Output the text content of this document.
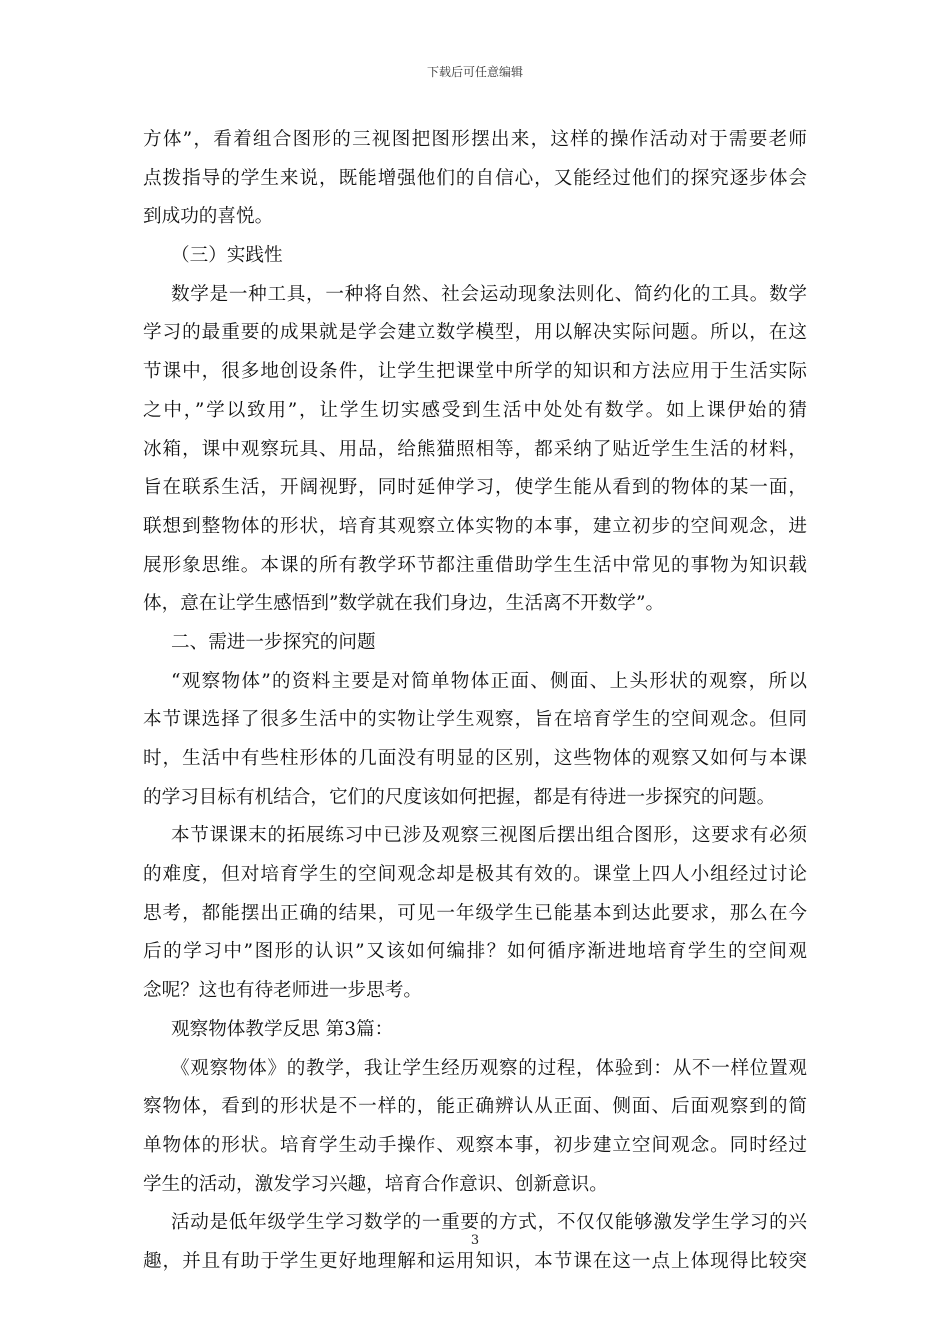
下载后可任意编辑
方体”，看着组合图形的三视图把图形摆出来，这样的操作活动对于需要老师
点拨指导的学生来说，既能增强他们的自信心，又能经过他们的探究逐步体会
到成功的喜悦。
（三）实践性
数学是一种工具，一种将自然、社会运动现象法则化、简约化的工具。数学
学习的最重要的成果就是学会建立数学模型，用以解决实际问题。所以，在这
节课中，很多地创设条件，让学生把课堂中所学的知识和方法应用于生活实际
之中，”学以致用”，让学生切实感受到生活中处处有数学。如上课伊始的猜
冰箱，课中观察玩具、用品，给熊猫照相等，都采纳了贴近学生生活的材料，
旨在联系生活，开阔视野，同时延伸学习，使学生能从看到的物体的某一面，
联想到整物体的形状，培育其观察立体实物的本事，建立初步的空间观念，进
展形象思维。本课的所有教学环节都注重借助学生生活中常见的事物为知识载
体，意在让学生感悟到”数学就在我们身边，生活离不开数学”。
二、需进一步探究的问题
“观察物体”的资料主要是对简单物体正面、侧面、上头形状的观察，所以
本节课选择了很多生活中的实物让学生观察，旨在培育学生的空间观念。但同
时，生活中有些柱形体的几面没有明显的区别，这些物体的观察又如何与本课
的学习目标有机结合，它们的尺度该如何把握，都是有待进一步探究的问题。
本节课课末的拓展练习中已涉及观察三视图后摆出组合图形，这要求有必须
的难度，但对培育学生的空间观念却是极其有效的。课堂上四人小组经过讨论
思考，都能摆出正确的结果，可见一年级学生已能基本到达此要求，那么在今
后的学习中”图形的认识”又该如何编排？如何循序渐进地培育学生的空间观
念呢？这也有待老师进一步思考。
观察物体教学反思 第3篇：
《观察物体》的教学，我让学生经历观察的过程，体验到：从不一样位置观
察物体，看到的形状是不一样的，能正确辨认从正面、侧面、后面观察到的简
单物体的形状。培育学生动手操作、观察本事，初步建立空间观念。同时经过
学生的活动，激发学习兴趣，培育合作意识、创新意识。
活动是低年级学生学习数学的一重要的方式，不仅仅能够激发学生学习的兴
趣，并且有助于学生更好地理解和运用知识，本节课在这一点上体现得比较突
3
